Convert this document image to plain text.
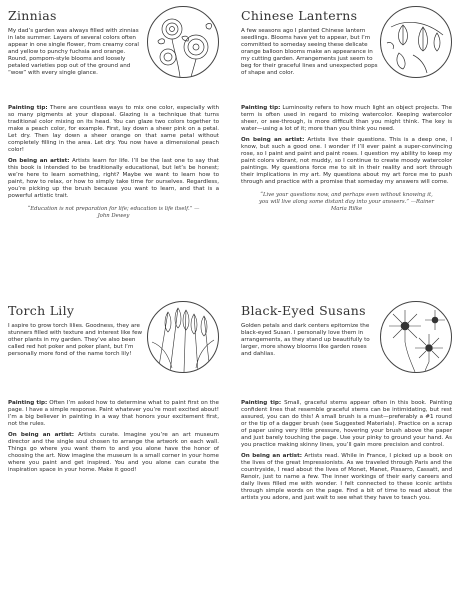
Zinnias

My dad’s garden was always filled with zinnias in late summer. Layers of several colors often appear in one single flower, from creamy coral and yellow to punchy fuchsia and orange. Round, pompom-style blooms and loosely petaled varieties pop out of the ground and “wow” with every single glance.

Painting tip: There are countless ways to mix one color, especially with so many pigments at your disposal. Glazing is a technique that turns traditional color mixing on its head. You can glaze two colors together to make a peach color, for example. First, lay down a sheer pink on a petal. Let dry. Then lay down a sheer orange on that same petal without completely filling in the area. Let dry. You now have a dimensional peach color!

On being an artist: Artists learn for life. I’ll be the last one to say that this book is intended to be traditionally educational, but let’s be honest; we’re here to learn something, right? Maybe we want to learn how to paint, how to relax, or how to simply take time for ourselves. Regardless, you’re picking up the brush because you want to learn, and that is a powerful artistic trait.

“Education is not preparation for life; education is life itself.” —John Dewey

Chinese Lanterns

A few seasons ago I planted Chinese lantern seedlings. Blooms have yet to appear, but I’m committed to someday seeing these delicate orange balloon blooms make an appearance in my cutting garden. Arrangements just seem to beg for their graceful lines and unexpected pops of shape and color.

Painting tip: Luminosity refers to how much light an object projects. The term is often used in regard to mixing watercolor. Keeping watercolor sheer, or see-through, is more difficult than you might think. The key is water—using a lot of it; more than you think you need.

On being an artist: Artists live their questions. This is a deep one, I know, but such a good one. I wonder if I’ll ever paint a super-convincing rose, so I paint and paint and paint roses. I question my ability to keep my paint colors vibrant, not muddy, so I continue to create moody watercolor paintings. My questions force me to sit in their reality and sort through their implications in my art. My questions about my art force me to push through and practice with a promise that someday my answers will come.

“Live your questions now, and perhaps even without knowing it, you will live along some distant day into your answers.” —Rainer Maria Rilke

Torch Lily

I aspire to grow torch lilies. Goodness, they are stunners filled with texture and interest like few other plants in my garden. They’ve also been called red hot poker and poker plant, but I’m personally more fond of the name torch lily!

Painting tip: Often I’m asked how to determine what to paint first on the page. I have a simple response. Paint whatever you’re most excited about! I’m a big believer in painting in a way that honors your excitement first, not the rules.

On being an artist: Artists curate. Imagine you’re an art museum director and the single soul chosen to arrange the artwork on each wall. Things go where you want them to and you alone have the honor of choosing the art. Now imagine the museum is a small corner in your home where you paint and get inspired. You and you alone can curate the inspiration space in your home. Make it good!

Black-Eyed Susans

Golden petals and dark centers epitomize the black-eyed Susan. I personally love them in arrangements, as they stand up beautifully to larger, more showy blooms like garden roses and dahlias.

Painting tip: Small, graceful stems appear often in this book. Painting confident lines that resemble graceful stems can be intimidating, but rest assured, you can do this! A small brush is a must—preferably a #1 round or the tip of a dagger brush (see Suggested Materials). Practice on a scrap of paper using very little pressure, hovering your brush above the paper and just barely touching the page. Use your pinky to ground your hand. As you practice making skinny lines, you’ll gain more precision and control.

On being an artist: Artists read. While in France, I picked up a book on the lives of the great Impressionists. As we traveled through Paris and the countryside, I read about the lives of Monet, Manet, Pissarro, Cassatt, and Renoir, just to name a few. The inner workings of their early careers and daily lives filled me with wonder. I felt connected to these iconic artists through simple words on the page. Find a bit of time to read about the artists you adore, and just wait to see what they have to teach you.
